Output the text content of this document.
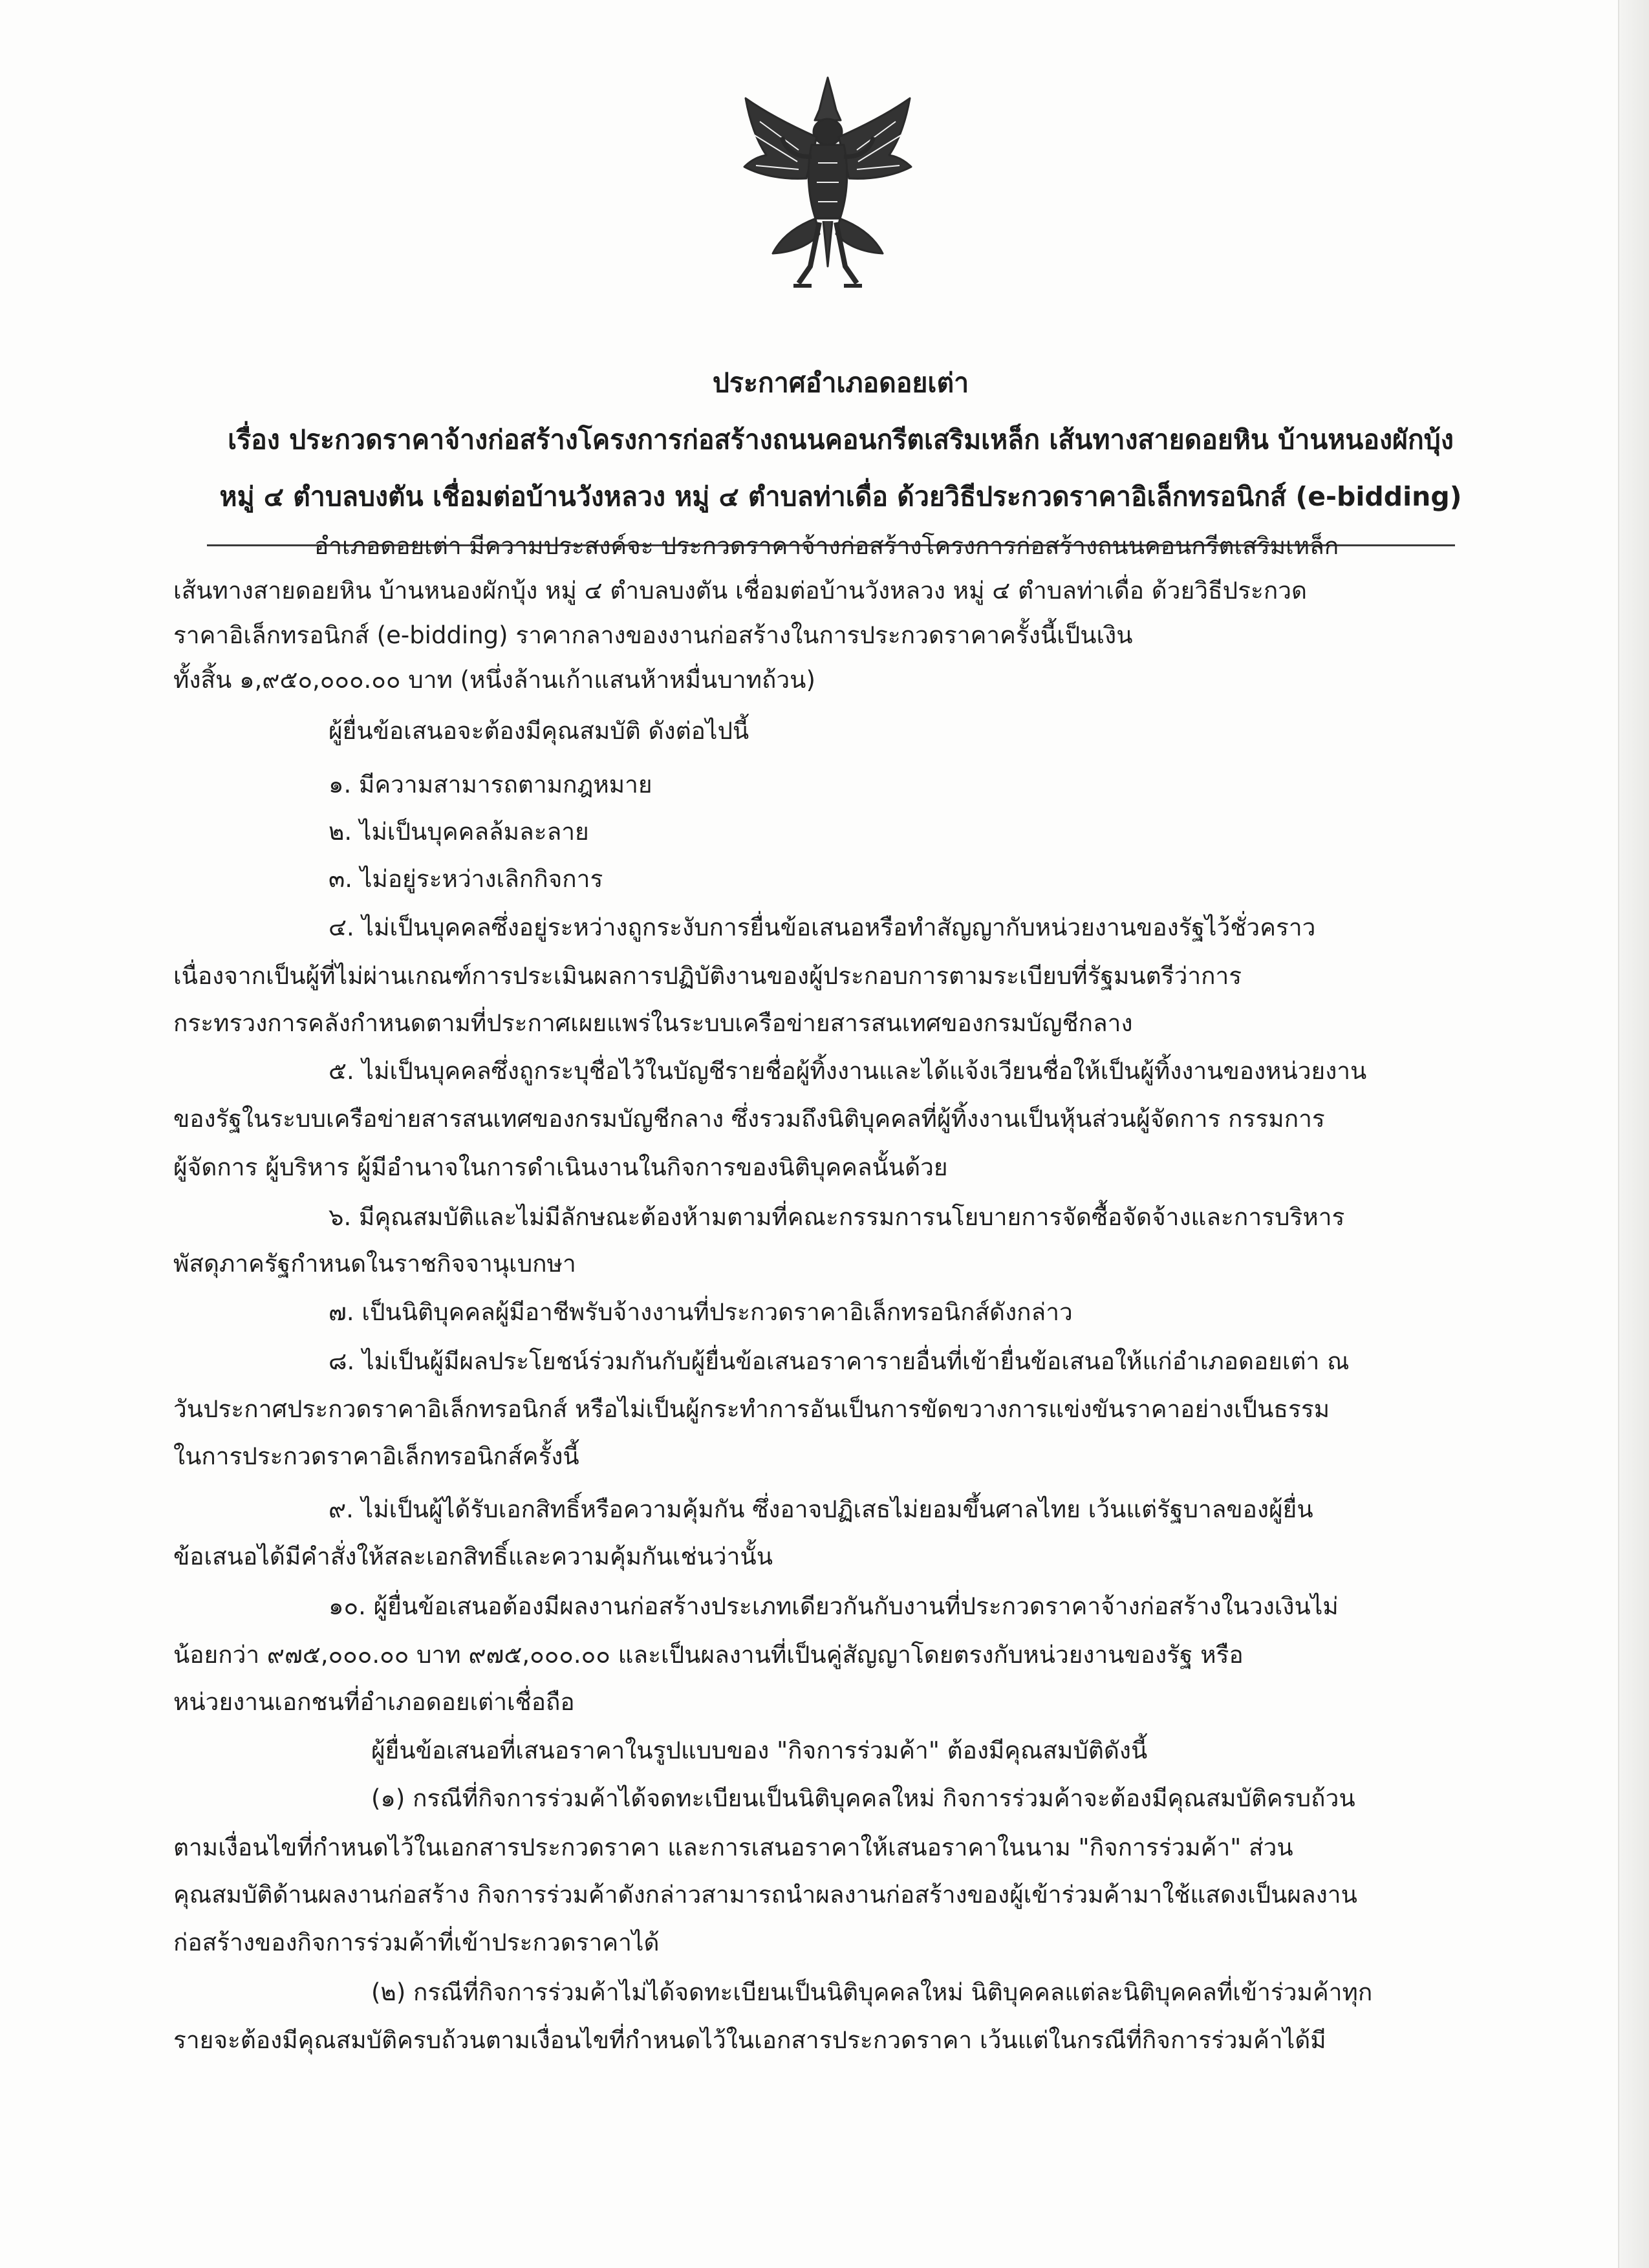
ประกาศอำเภอดอยเต่า
เรื่อง ประกวดราคาจ้างก่อสร้างโครงการก่อสร้างถนนคอนกรีตเสริมเหล็ก เส้นทางสายดอยหิน บ้านหนองผักบุ้ง
หมู่ ๔ ตำบลบงตัน เชื่อมต่อบ้านวังหลวง หมู่ ๔ ตำบลท่าเดื่อ ด้วยวิธีประกวดราคาอิเล็กทรอนิกส์ (e-bidding)
อำเภอดอยเต่า มีความประสงค์จะ ประกวดราคาจ้างก่อสร้างโครงการก่อสร้างถนนคอนกรีตเสริมเหล็ก
เส้นทางสายดอยหิน บ้านหนองผักบุ้ง หมู่ ๔ ตำบลบงตัน เชื่อมต่อบ้านวังหลวง หมู่ ๔ ตำบลท่าเดื่อ ด้วยวิธีประกวด
ราคาอิเล็กทรอนิกส์ (e-bidding) ราคากลางของงานก่อสร้างในการประกวดราคาครั้งนี้เป็นเงิน
ทั้งสิ้น ๑,๙๕๐,๐๐๐.๐๐ บาท (หนึ่งล้านเก้าแสนห้าหมื่นบาทถ้วน)
ผู้ยื่นข้อเสนอจะต้องมีคุณสมบัติ ดังต่อไปนี้
๑. มีความสามารถตามกฎหมาย
๒. ไม่เป็นบุคคลล้มละลาย
๓. ไม่อยู่ระหว่างเลิกกิจการ
๔. ไม่เป็นบุคคลซึ่งอยู่ระหว่างถูกระงับการยื่นข้อเสนอหรือทำสัญญากับหน่วยงานของรัฐไว้ชั่วคราว
เนื่องจากเป็นผู้ที่ไม่ผ่านเกณฑ์การประเมินผลการปฏิบัติงานของผู้ประกอบการตามระเบียบที่รัฐมนตรีว่าการ
กระทรวงการคลังกำหนดตามที่ประกาศเผยแพร่ในระบบเครือข่ายสารสนเทศของกรมบัญชีกลาง
๕. ไม่เป็นบุคคลซึ่งถูกระบุชื่อไว้ในบัญชีรายชื่อผู้ทิ้งงานและได้แจ้งเวียนชื่อให้เป็นผู้ทิ้งงานของหน่วยงาน
ของรัฐในระบบเครือข่ายสารสนเทศของกรมบัญชีกลาง ซึ่งรวมถึงนิติบุคคลที่ผู้ทิ้งงานเป็นหุ้นส่วนผู้จัดการ กรรมการ
ผู้จัดการ ผู้บริหาร ผู้มีอำนาจในการดำเนินงานในกิจการของนิติบุคคลนั้นด้วย
๖. มีคุณสมบัติและไม่มีลักษณะต้องห้ามตามที่คณะกรรมการนโยบายการจัดซื้อจัดจ้างและการบริหาร
พัสดุภาครัฐกำหนดในราชกิจจานุเบกษา
๗. เป็นนิติบุคคลผู้มีอาชีพรับจ้างงานที่ประกวดราคาอิเล็กทรอนิกส์ดังกล่าว
๘. ไม่เป็นผู้มีผลประโยชน์ร่วมกันกับผู้ยื่นข้อเสนอราคารายอื่นที่เข้ายื่นข้อเสนอให้แก่อำเภอดอยเต่า ณ
วันประกาศประกวดราคาอิเล็กทรอนิกส์ หรือไม่เป็นผู้กระทำการอันเป็นการขัดขวางการแข่งขันราคาอย่างเป็นธรรม
ในการประกวดราคาอิเล็กทรอนิกส์ครั้งนี้
๙. ไม่เป็นผู้ได้รับเอกสิทธิ์หรือความคุ้มกัน ซึ่งอาจปฏิเสธไม่ยอมขึ้นศาลไทย เว้นแต่รัฐบาลของผู้ยื่น
ข้อเสนอได้มีคำสั่งให้สละเอกสิทธิ์และความคุ้มกันเช่นว่านั้น
๑๐. ผู้ยื่นข้อเสนอต้องมีผลงานก่อสร้างประเภทเดียวกันกับงานที่ประกวดราคาจ้างก่อสร้างในวงเงินไม่
น้อยกว่า ๙๗๕,๐๐๐.๐๐ บาท ๙๗๕,๐๐๐.๐๐ และเป็นผลงานที่เป็นคู่สัญญาโดยตรงกับหน่วยงานของรัฐ หรือ
หน่วยงานเอกชนที่อำเภอดอยเต่าเชื่อถือ
ผู้ยื่นข้อเสนอที่เสนอราคาในรูปแบบของ "กิจการร่วมค้า" ต้องมีคุณสมบัติดังนี้
(๑) กรณีที่กิจการร่วมค้าได้จดทะเบียนเป็นนิติบุคคลใหม่ กิจการร่วมค้าจะต้องมีคุณสมบัติครบถ้วน
ตามเงื่อนไขที่กำหนดไว้ในเอกสารประกวดราคา และการเสนอราคาให้เสนอราคาในนาม "กิจการร่วมค้า" ส่วน
คุณสมบัติด้านผลงานก่อสร้าง กิจการร่วมค้าดังกล่าวสามารถนำผลงานก่อสร้างของผู้เข้าร่วมค้ามาใช้แสดงเป็นผลงาน
ก่อสร้างของกิจการร่วมค้าที่เข้าประกวดราคาได้
(๒) กรณีที่กิจการร่วมค้าไม่ได้จดทะเบียนเป็นนิติบุคคลใหม่ นิติบุคคลแต่ละนิติบุคคลที่เข้าร่วมค้าทุก
รายจะต้องมีคุณสมบัติครบถ้วนตามเงื่อนไขที่กำหนดไว้ในเอกสารประกวดราคา เว้นแต่ในกรณีที่กิจการร่วมค้าได้มี
